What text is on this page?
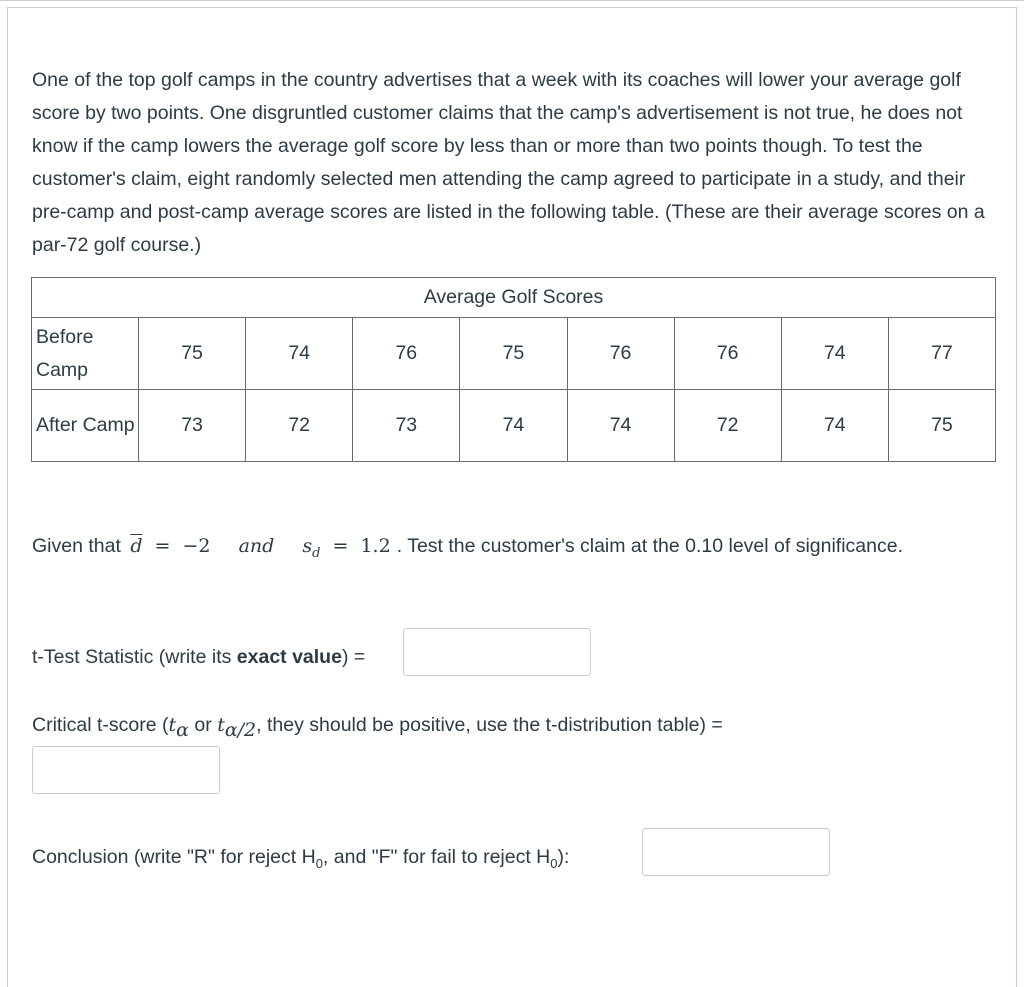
One of the top golf camps in the country advertises that a week with its coaches will lower your average golf score by two points. One disgruntled customer claims that the camp's advertisement is not true, he does not know if the camp lowers the average golf score by less than or more than two points though. To test the customer's claim, eight randomly selected men attending the camp agreed to participate in a study, and their pre-camp and post-camp average scores are listed in the following table. (These are their average scores on a par-72 golf course.)

Average Golf Scores								
Before Camp	75	74	76	75	76	76	74	77
After Camp	73	72	73	74	74	72	74	75
Given that $\overline{d} = -2$ and $s_d = 1.2$ . Test the customer's claim at the 0.10 level of significance.
t-Test Statistic (write its exact value) =
Critical t-score ($t_\alpha$ or $t_{\alpha/2}$, they should be positive, use the t-distribution table) =
Conclusion (write "R" for reject $H_0$, and "F" for fail to reject $H_0$):
